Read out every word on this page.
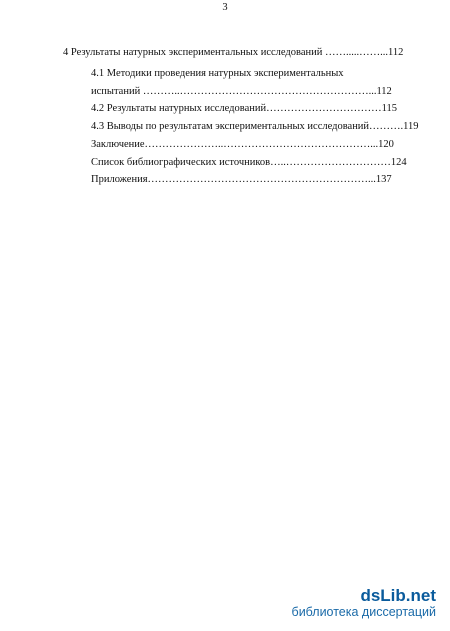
3
4 Результаты натурных экспериментальных исследований …….....……...112
4.1 Методики проведения натурных экспериментальных
испытаний ………..………………………………………………...112
4.2 Результаты натурных исследований……………………………115
4.3 Выводы по результатам экспериментальных исследований……….119
Заключение…………………..……………………………………...120
Список библиографических источников…..…………………………124
Приложения………………………………………………………...137
dsLib.net
библиотека диссертаций
